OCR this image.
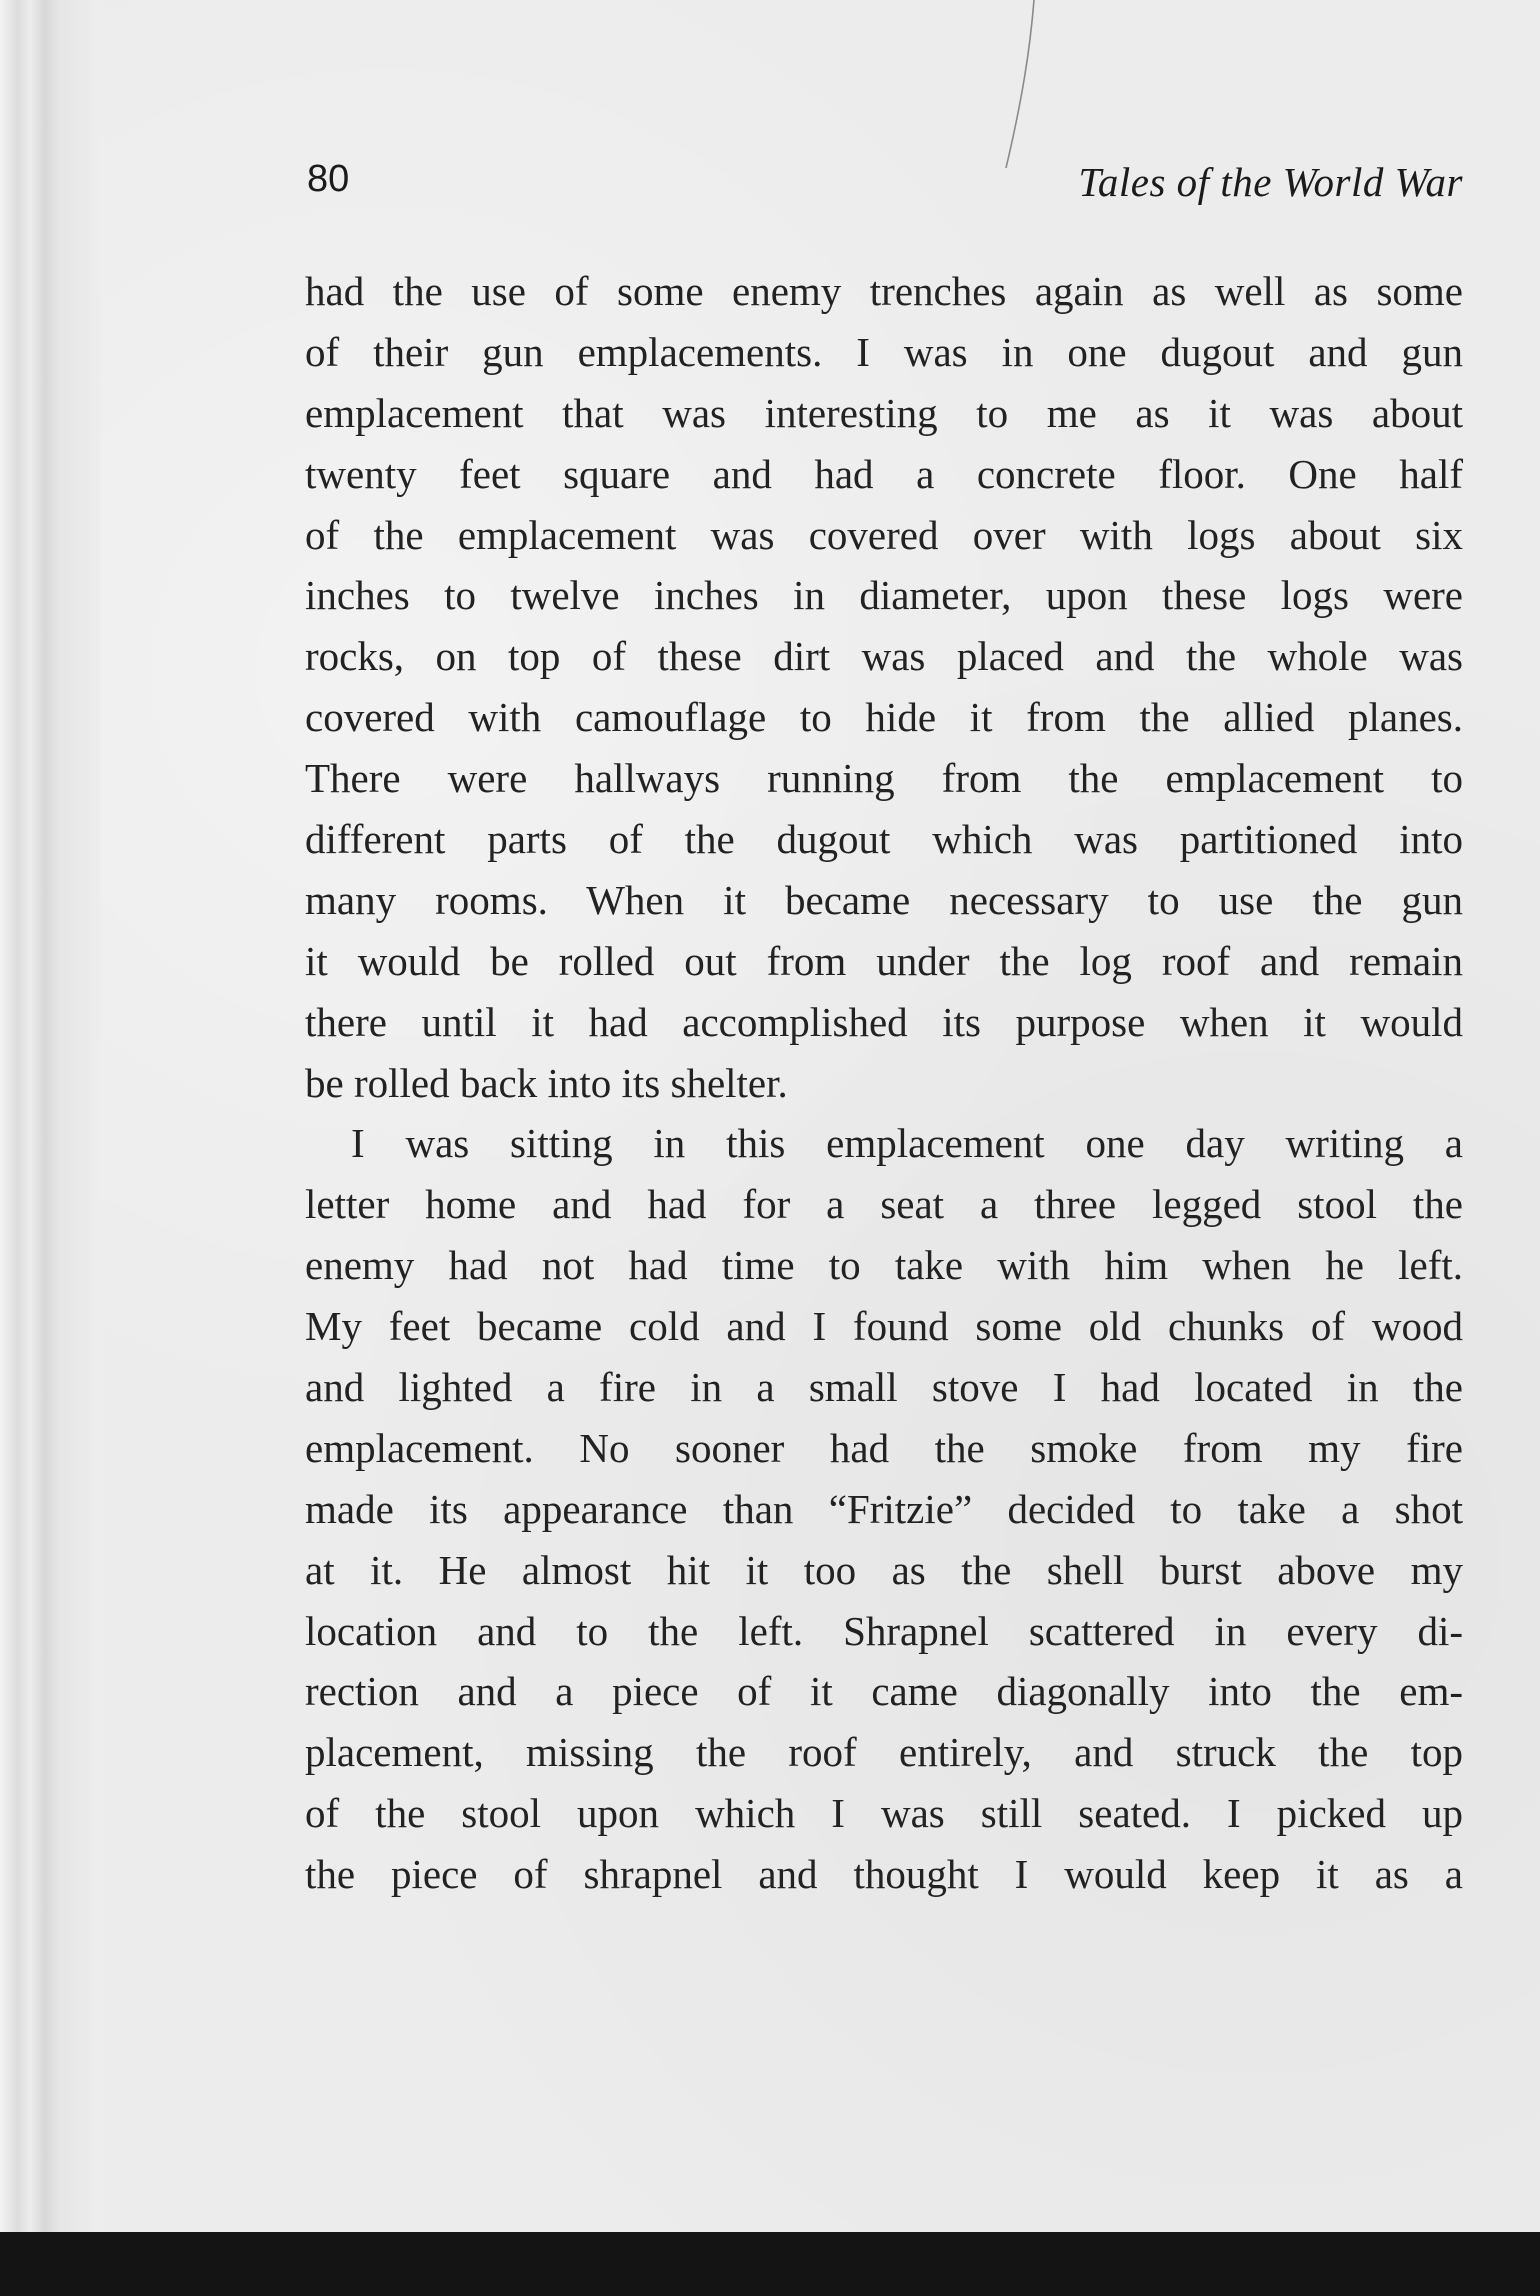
80	Tales of the World War
had the use of some enemy trenches again as well as some
of their gun emplacements. I was in one dugout and gun
emplacement that was interesting to me as it was about
twenty feet square and had a concrete floor. One half
of the emplacement was covered over with logs about six
inches to twelve inches in diameter, upon these logs were
rocks, on top of these dirt was placed and the whole was
covered with camouflage to hide it from the allied planes.
There were hallways running from the emplacement to
different parts of the dugout which was partitioned into
many rooms. When it became necessary to use the gun
it would be rolled out from under the log roof and remain
there until it had accomplished its purpose when it would
be rolled back into its shelter.
I was sitting in this emplacement one day writing a
letter home and had for a seat a three legged stool the
enemy had not had time to take with him when he left.
My feet became cold and I found some old chunks of wood
and lighted a fire in a small stove I had located in the
emplacement. No sooner had the smoke from my fire
made its appearance than “Fritzie” decided to take a shot
at it. He almost hit it too as the shell burst above my
location and to the left. Shrapnel scattered in every di-
rection and a piece of it came diagonally into the em-
placement, missing the roof entirely, and struck the top
of the stool upon which I was still seated. I picked up
the piece of shrapnel and thought I would keep it as a
